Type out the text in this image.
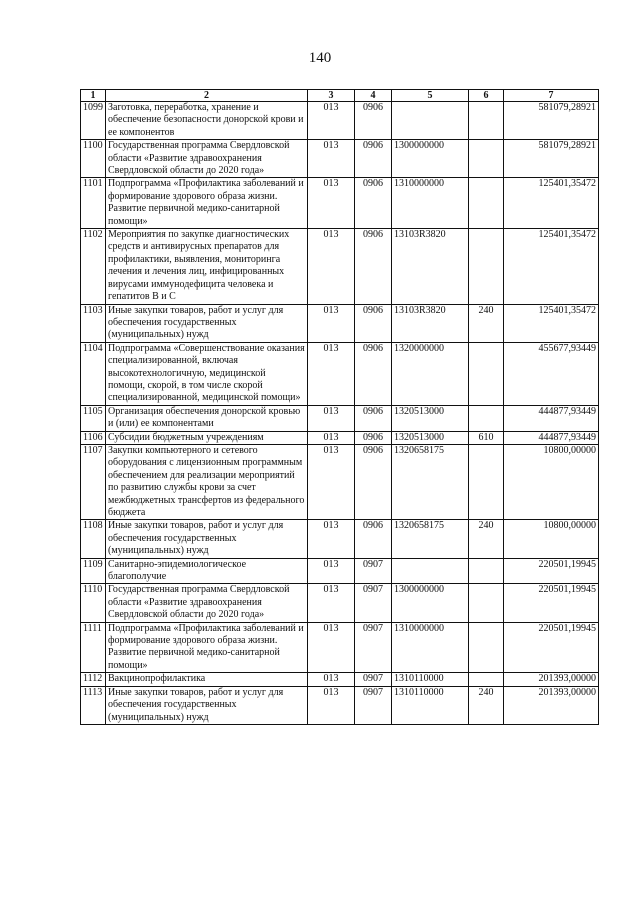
140
1	2	3	4	5	6	7
1099	Заготовка, переработка, хранение и обеспечение безопасности донорской крови и ее компонентов	013	0906			581079,28921
1100	Государственная программа Свердловской области «Развитие здравоохранения Свердловской области до 2020 года»	013	0906	1300000000		581079,28921
1101	Подпрограмма «Профилактика заболеваний и формирование здорового образа жизни. Развитие первичной медико-санитарной помощи»	013	0906	1310000000		125401,35472
1102	Мероприятия по закупке диагностических средств и антивирусных препаратов для профилактики, выявления, мониторинга лечения и лечения лиц, инфицированных вирусами иммунодефицита человека и гепатитов В и С	013	0906	13103R3820		125401,35472
1103	Иные закупки товаров, работ и услуг для обеспечения государственных (муниципальных) нужд	013	0906	13103R3820	240	125401,35472
1104	Подпрограмма «Совершенствование оказания специализированной, включая высокотехнологичную, медицинской помощи, скорой, в том числе скорой специализированной, медицинской помощи»	013	0906	1320000000		455677,93449
1105	Организация обеспечения донорской кровью и (или) ее компонентами	013	0906	1320513000		444877,93449
1106	Субсидии бюджетным учреждениям	013	0906	1320513000	610	444877,93449
1107	Закупки компьютерного и сетевого оборудования с лицензионным программным обеспечением для реализации мероприятий по развитию службы крови за счет межбюджетных трансфертов из федерального бюджета	013	0906	1320658175		10800,00000
1108	Иные закупки товаров, работ и услуг для обеспечения государственных (муниципальных) нужд	013	0906	1320658175	240	10800,00000
1109	Санитарно-эпидемиологическое благополучие	013	0907			220501,19945
1110	Государственная программа Свердловской области «Развитие здравоохранения Свердловской области до 2020 года»	013	0907	1300000000		220501,19945
1111	Подпрограмма «Профилактика заболеваний и формирование здорового образа жизни. Развитие первичной медико-санитарной помощи»	013	0907	1310000000		220501,19945
1112	Вакцинопрофилактика	013	0907	1310110000		201393,00000
1113	Иные закупки товаров, работ и услуг для обеспечения государственных (муниципальных) нужд	013	0907	1310110000	240	201393,00000
